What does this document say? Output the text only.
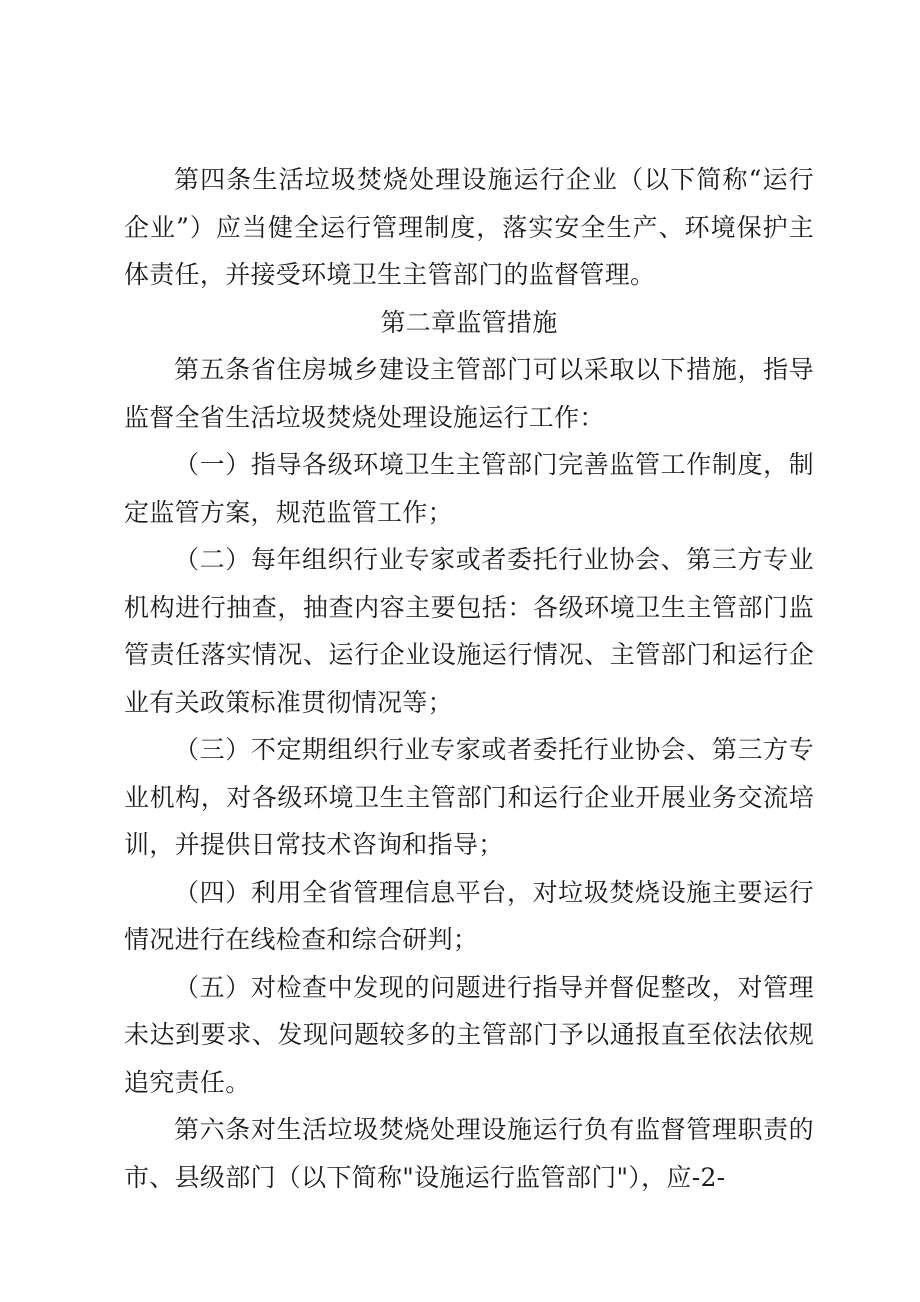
第四条生活垃圾焚烧处理设施运行企业（以下简称“运行企业”）应当健全运行管理制度，落实安全生产、环境保护主体责任，并接受环境卫生主管部门的监督管理。

第二章监管措施

第五条省住房城乡建设主管部门可以采取以下措施，指导监督全省生活垃圾焚烧处理设施运行工作：

（一）指导各级环境卫生主管部门完善监管工作制度，制定监管方案，规范监管工作；

（二）每年组织行业专家或者委托行业协会、第三方专业机构进行抽查，抽查内容主要包括：各级环境卫生主管部门监管责任落实情况、运行企业设施运行情况、主管部门和运行企业有关政策标准贯彻情况等；

（三）不定期组织行业专家或者委托行业协会、第三方专业机构，对各级环境卫生主管部门和运行企业开展业务交流培训，并提供日常技术咨询和指导；

（四）利用全省管理信息平台，对垃圾焚烧设施主要运行情况进行在线检查和综合研判；

（五）对检查中发现的问题进行指导并督促整改，对管理未达到要求、发现问题较多的主管部门予以通报直至依法依规追究责任。

第六条对生活垃圾焚烧处理设施运行负有监督管理职责的市、县级部门（以下简称"设施运行监管部门"），应-2-
